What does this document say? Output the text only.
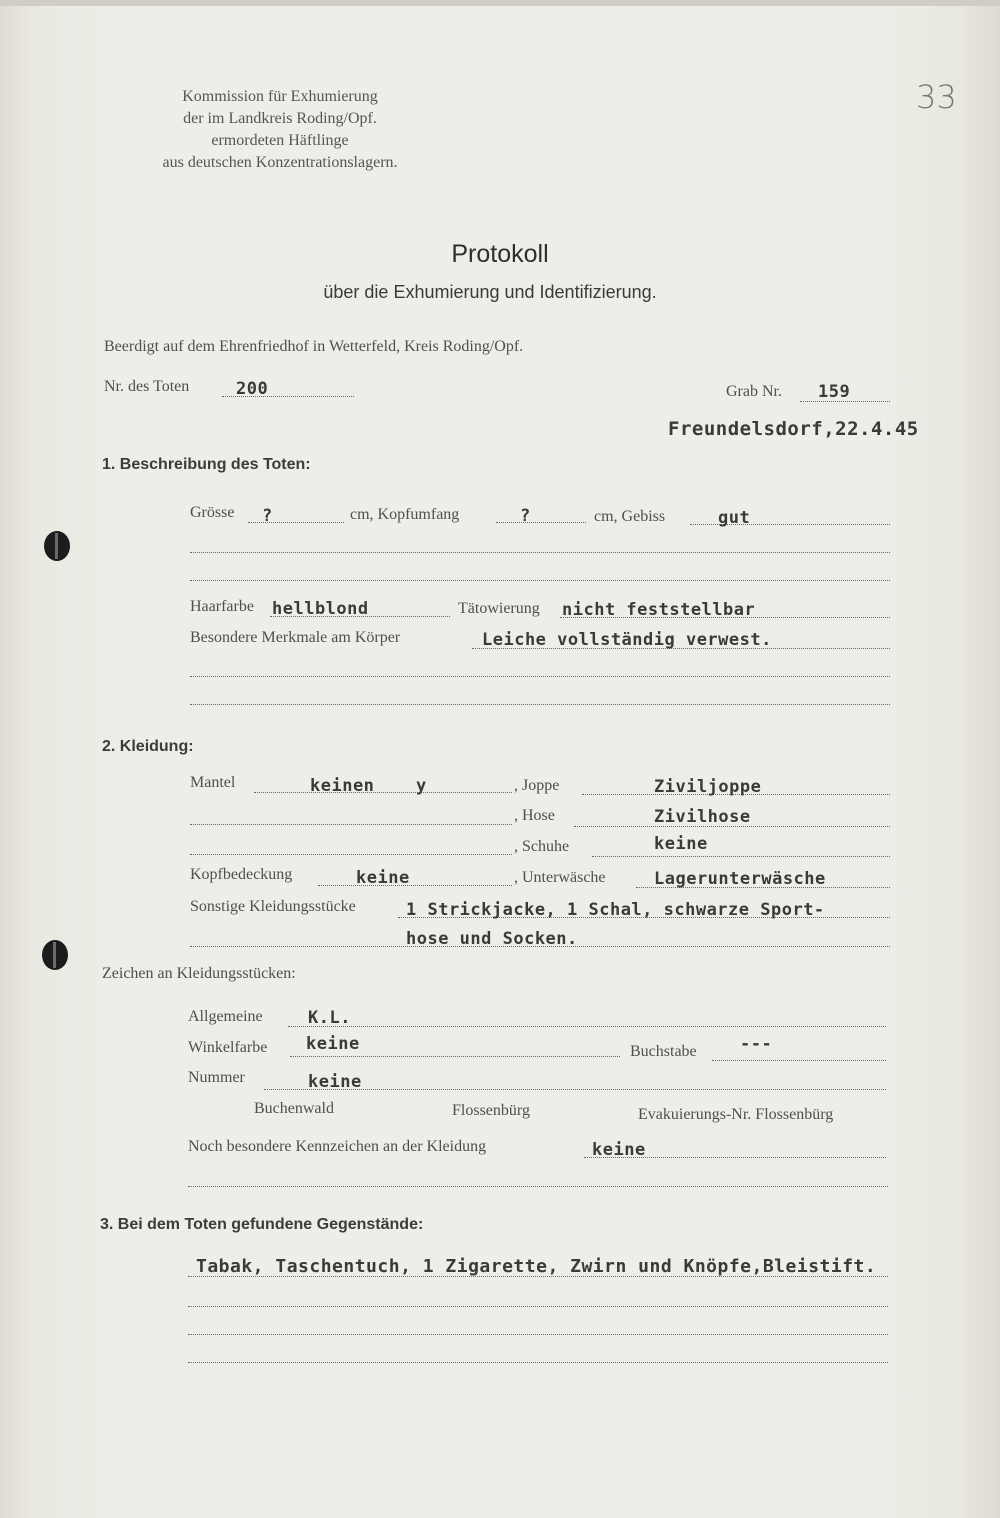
Kommission für Exhumierung
der im Landkreis Roding/Opf.
ermordeten Häftlinge
aus deutschen Konzentrationslagern.
33
Protokoll
über die Exhumierung und Identifizierung.
Beerdigt auf dem Ehrenfriedhof in Wetterfeld, Kreis Roding/Opf.
Nr. des Toten	200	Grab Nr. 159
Freundelsdorf,22.4.45
1. Beschreibung des Toten:
Grösse ?	cm, Kopfumfang	?	cm, Gebiss	gut
Haarfarbe hellblond	Tätowierung nicht feststellbar
Besondere Merkmale am Körper	Leiche vollständig verwest.
2. Kleidung:
Mantel	keinen y	, Joppe	Ziviljoppe
, Hose	Zivilhose
, Schuhe	keine
Kopfbedeckung	keine	, Unterwäsche	Lagerunterwäsche
Sonstige Kleidungsstücke	1 Strickjacke, 1 Schal, schwarze Sport-
hose und Socken.
Zeichen an Kleidungsstücken:
Allgemeine	K.L.
Winkelfarbe keine	Buchstabe	---
Nummer	keine
Buchenwald	Flossenbürg	Evakuierungs-Nr. Flossenbürg
Noch besondere Kennzeichen an der Kleidung	keine
3. Bei dem Toten gefundene Gegenstände:
Tabak, Taschentuch, 1 Zigarette, Zwirn und Knöpfe,Bleistift.
